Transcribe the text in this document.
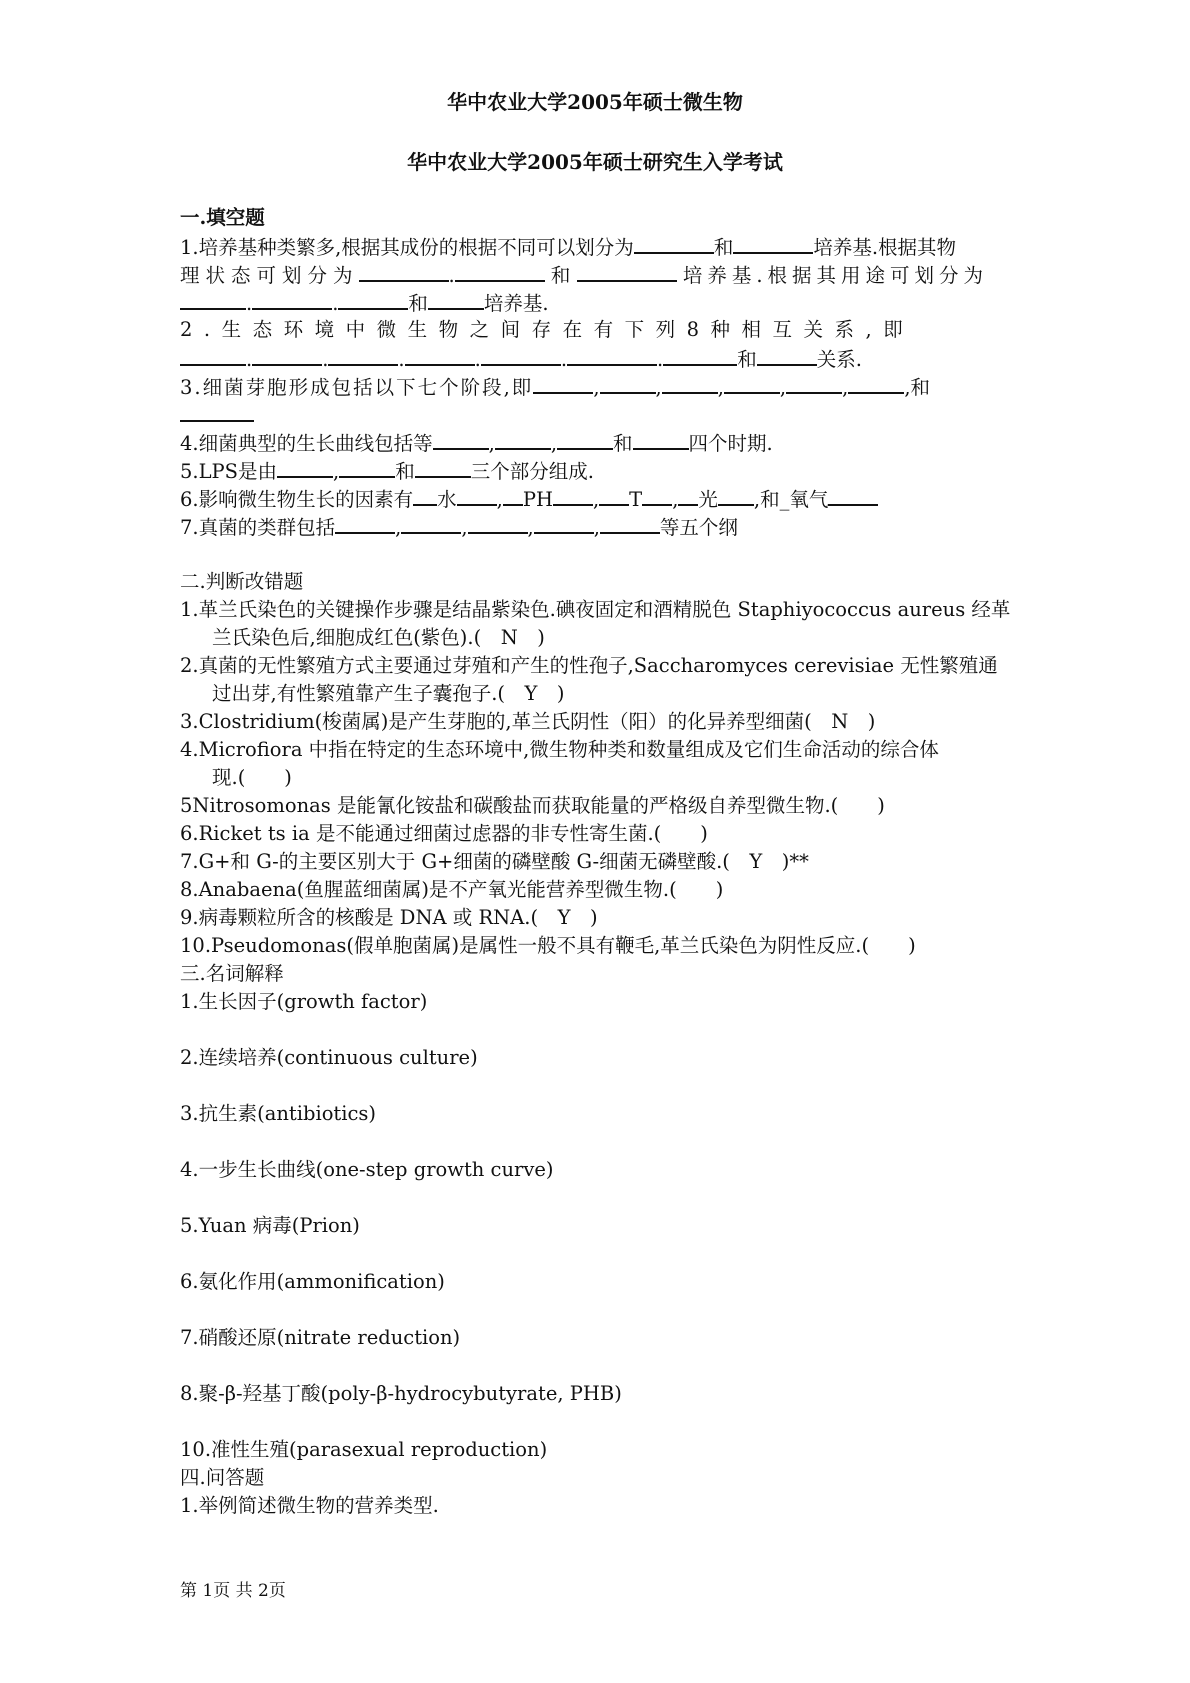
华中农业大学2005年硕士微生物
华中农业大学2005年硕士研究生入学考试
一.填空题
1.培养基种类繁多,根据其成份的根据不同可以划分为	和	培养基.根据其物
理状态可划分为	.	和	培养基.根据其用途可划分为
.	.	和	培养基.
2.生态环境中微生物之间存在有下列8种相互关系,即
.	.	.	.	.	.	和	关系.
3.细菌芽胞形成包括以下七个阶段,即	,	,	,	,	,	,和
4.细菌典型的生长曲线包括等	,	,	和	四个时期.
5.LPS是由	,	和	三个部分组成.
6.影响微生物生长的因素有 水 , PH , T , 光 ,和_氧气
7.真菌的类群包括	,	,	,	,	等五个纲
二.判断改错题
1.革兰氏染色的关键操作步骤是结晶紫染色.碘夜固定和酒精脱色 Staphiyococcus aureus 经革
兰氏染色后,细胞成红色(紫色).(　N　)
2.真菌的无性繁殖方式主要通过芽殖和产生的性孢子,Saccharomyces cerevisiae 无性繁殖通
过出芽,有性繁殖靠产生子囊孢子.(　Y　)
3.Clostridium(梭菌属)是产生芽胞的,革兰氏阴性（阳）的化异养型细菌(　N　)
4.Microfiora 中指在特定的生态环境中,微生物种类和数量组成及它们生命活动的综合体
现.(　　)
5Nitrosomonas 是能氰化铵盐和碳酸盐而获取能量的严格级自养型微生物.(　　)
6.Ricket ts ia 是不能通过细菌过虑器的非专性寄生菌.(　　)
7.G+和 G-的主要区别大于 G+细菌的磷壁酸 G-细菌无磷壁酸.(　Y　)**
8.Anabaena(鱼腥蓝细菌属)是不产氧光能营养型微生物.(　　)
9.病毒颗粒所含的核酸是 DNA 或 RNA.(　Y　)
10.Pseudomonas(假单胞菌属)是属性一般不具有鞭毛,革兰氏染色为阴性反应.(　　)
三.名词解释
1.生长因子(growth factor)
2.连续培养(continuous culture)
3.抗生素(antibiotics)
4.一步生长曲线(one-step growth curve)
5.Yuan 病毒(Prion)
6.氨化作用(ammonification)
7.硝酸还原(nitrate reduction)
8.聚-β-羟基丁酸(poly-β-hydrocybutyrate, PHB)
10.准性生殖(parasexual reproduction)
四.问答题
1.举例简述微生物的营养类型.
第 1页 共 2页
